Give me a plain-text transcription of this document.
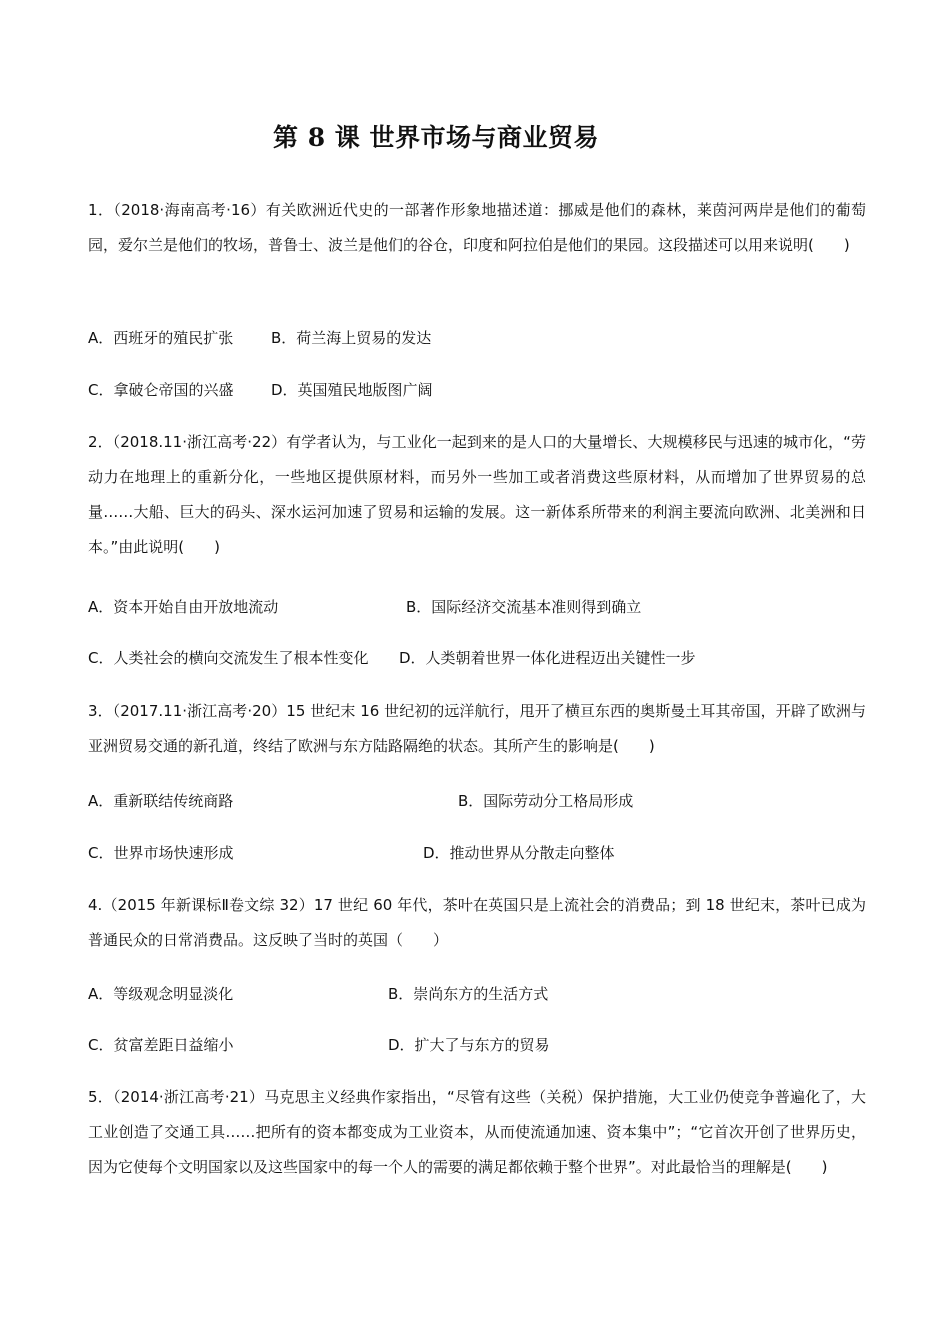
第 8 课 世界市场与商业贸易

1．（2018·海南高考·16）有关欧洲近代史的一部著作形象地描述道：挪威是他们的森林，莱茵河两岸是他们的葡萄园，爱尔兰是他们的牧场，普鲁士、波兰是他们的谷仓，印度和阿拉伯是他们的果园。这段描述可以用来说明(　　)

A．西班牙的殖民扩张	B．荷兰海上贸易的发达
C．拿破仑帝国的兴盛	D．英国殖民地版图广阔

2．（2018.11·浙江高考·22）有学者认为，与工业化一起到来的是人口的大量增长、大规模移民与迅速的城市化，“劳动力在地理上的重新分化，一些地区提供原材料，而另外一些加工或者消费这些原材料，从而增加了世界贸易的总量……大船、巨大的码头、深水运河加速了贸易和运输的发展。这一新体系所带来的利润主要流向欧洲、北美洲和日本。”由此说明(　　)

A．资本开始自由开放地流动	B．国际经济交流基本准则得到确立
C．人类社会的横向交流发生了根本性变化 D．人类朝着世界一体化进程迈出关键性一步

3．（2017.11·浙江高考·20）15 世纪末 16 世纪初的远洋航行，甩开了横亘东西的奥斯曼土耳其帝国，开辟了欧洲与亚洲贸易交通的新孔道，终结了欧洲与东方陆路隔绝的状态。其所产生的影响是(　　)

A．重新联结传统商路	B．国际劳动分工格局形成
C．世界市场快速形成	D．推动世界从分散走向整体

4.（2015 年新课标Ⅱ卷文综 32）17 世纪 60 年代，茶叶在英国只是上流社会的消费品；到 18 世纪末，茶叶已成为普通民众的日常消费品。这反映了当时的英国（　　）

A．等级观念明显淡化	B．崇尚东方的生活方式
C．贫富差距日益缩小	D．扩大了与东方的贸易

5．（2014·浙江高考·21）马克思主义经典作家指出，“尽管有这些（关税）保护措施，大工业仍使竞争普遍化了，大工业创造了交通工具……把所有的资本都变成为工业资本，从而使流通加速、资本集中”；“它首次开创了世界历史，因为它使每个文明国家以及这些国家中的每一个人的需要的满足都依赖于整个世界”。对此最恰当的理解是(　　)
